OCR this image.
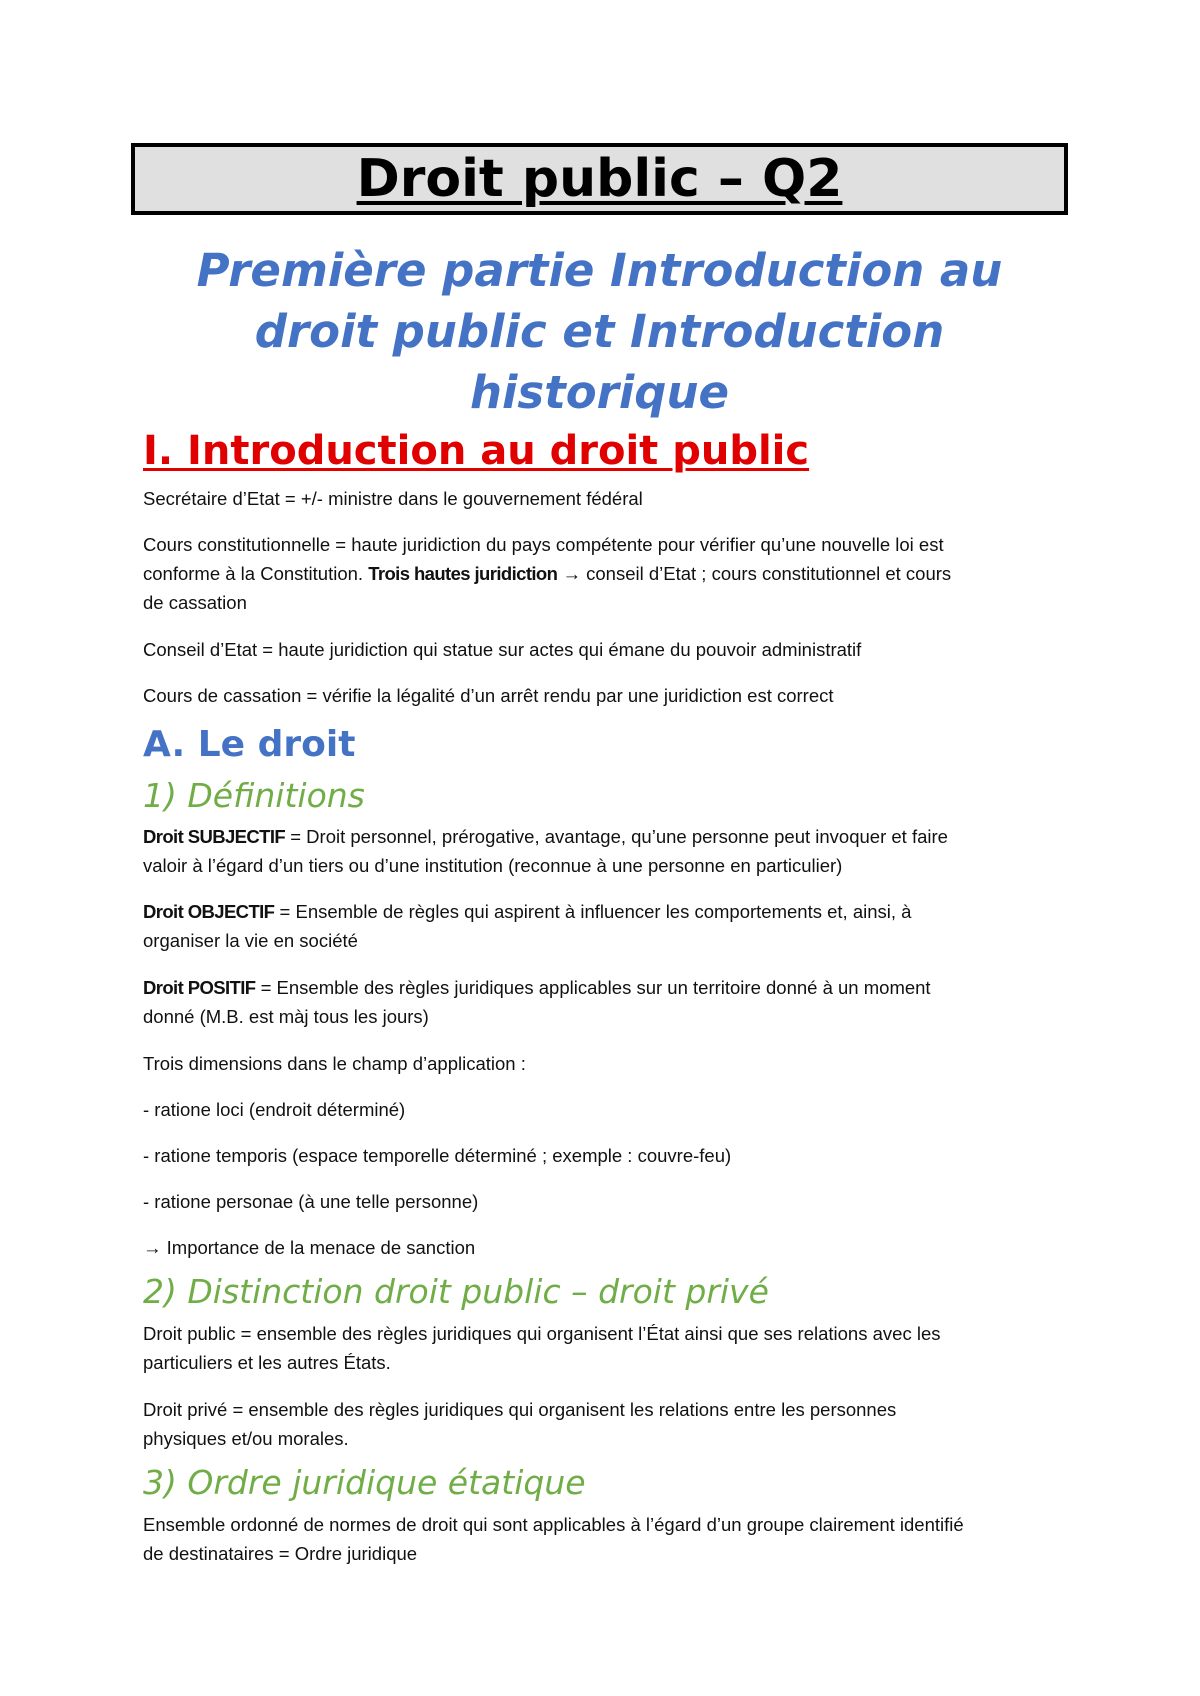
Droit public – Q2
Première partie Introduction au
droit public et Introduction
historique
I. Introduction au droit public
Secrétaire d’Etat = +/- ministre dans le gouvernement fédéral
Cours constitutionnelle = haute juridiction du pays compétente pour vérifier qu’une nouvelle loi est
conforme à la Constitution. Trois hautes juridiction → conseil d’Etat ; cours constitutionnel et cours
de cassation
Conseil d’Etat = haute juridiction qui statue sur actes qui émane du pouvoir administratif
Cours de cassation = vérifie la légalité d’un arrêt rendu par une juridiction est correct
A. Le droit
1) Définitions
Droit SUBJECTIF = Droit personnel, prérogative, avantage, qu’une personne peut invoquer et faire
valoir à l’égard d’un tiers ou d’une institution (reconnue à une personne en particulier)
Droit OBJECTIF = Ensemble de règles qui aspirent à influencer les comportements et, ainsi, à
organiser la vie en société
Droit POSITIF = Ensemble des règles juridiques applicables sur un territoire donné à un moment
donné (M.B. est màj tous les jours)
Trois dimensions dans le champ d’application :
- ratione loci (endroit déterminé)
- ratione temporis (espace temporelle déterminé ; exemple : couvre-feu)
- ratione personae (à une telle personne)
→ Importance de la menace de sanction
2) Distinction droit public – droit privé
Droit public = ensemble des règles juridiques qui organisent l’État ainsi que ses relations avec les
particuliers et les autres États.
Droit privé = ensemble des règles juridiques qui organisent les relations entre les personnes
physiques et/ou morales.
3) Ordre juridique étatique
Ensemble ordonné de normes de droit qui sont applicables à l’égard d’un groupe clairement identifié
de destinataires = Ordre juridique
